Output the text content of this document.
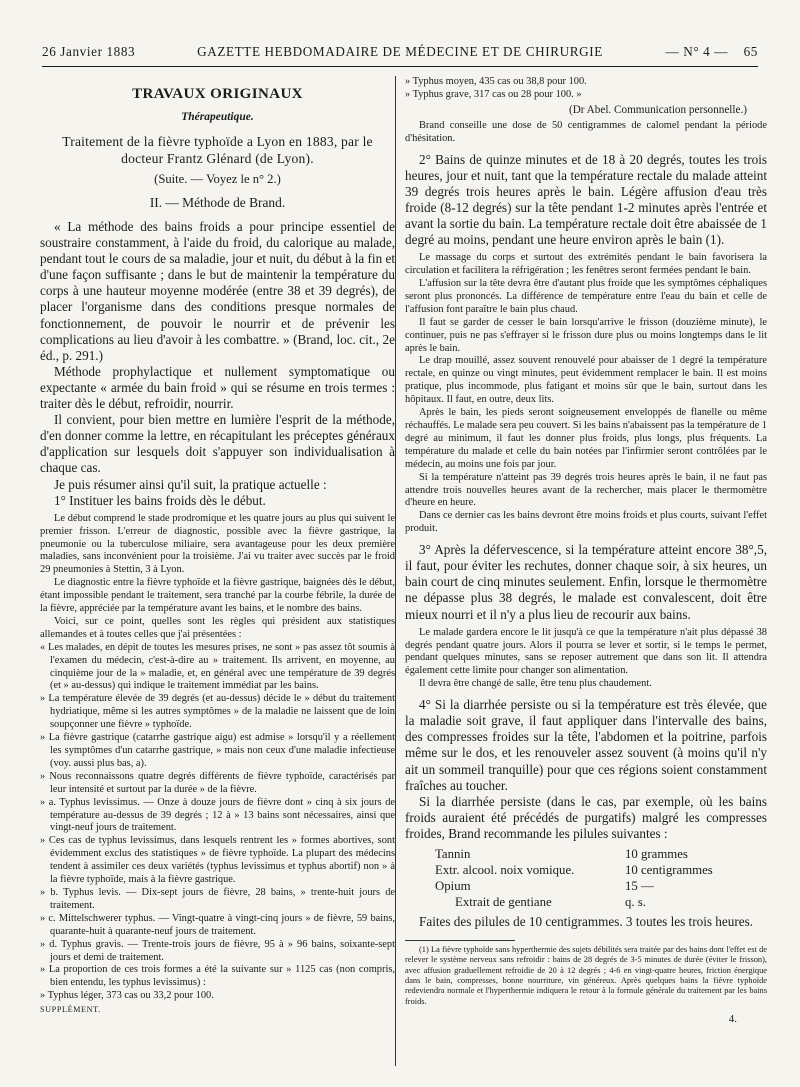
26 Janvier 1883	GAZETTE HEBDOMADAIRE DE MÉDECINE ET DE CHIRURGIE	— N° 4 — 65

TRAVAUX ORIGINAUX

Thérapeutique.

Traitement de la fièvre typhoïde a Lyon en 1883, par le docteur Frantz Glénard (de Lyon).

(Suite. — Voyez le n° 2.)

II. — Méthode de Brand.

« La méthode des bains froids a pour principe essentiel de soustraire constamment, à l'aide du froid, du calorique au malade, pendant tout le cours de sa maladie, jour et nuit, du début à la fin et d'une façon suffisante ; dans le but de maintenir la température du corps à une hauteur moyenne modérée (entre 38 et 39 degrés), de placer l'organisme dans des conditions presque normales de fonctionnement, de pouvoir le nourrir et de prévenir les complications au lieu d'avoir à les combattre. » (Brand, loc. cit., 2e éd., p. 291.)

Méthode prophylactique et nullement symptomatique ou expectante « armée du bain froid » qui se résume en trois termes : traiter dès le début, refroidir, nourrir.

Il convient, pour bien mettre en lumière l'esprit de la méthode, d'en donner comme la lettre, en récapitulant les préceptes généraux d'application sur lesquels doit s'appuyer son individualisation à chaque cas.

Je puis résumer ainsi qu'il suit, la pratique actuelle :

1° Instituer les bains froids dès le début.

Le début comprend le stade prodromique et les quatre jours au plus qui suivent le premier frisson. L'erreur de diagnostic, possible avec la fièvre gastrique, la pneumonie ou la tuberculose miliaire, sera avantageuse pour les deux première maladies, sans inconvénient pour la troisième. J'ai vu traiter avec succès par le froid 29 pneumonies à Stettin, 3 à Lyon.

Le diagnostic entre la fièvre typhoïde et la fièvre gastrique, baignées dès le début, étant impossible pendant le traitement, sera tranché par la courbe fébrile, la durée de la fièvre, appréciée par la température avant les bains, et le nombre des bains.

Voici, sur ce point, quelles sont les règles qui président aux statistiques allemandes et à toutes celles que j'ai présentées :

« Les malades, en dépit de toutes les mesures prises, ne sont » pas assez tôt soumis à l'examen du médecin, c'est-à-dire au » traitement. Ils arrivent, en moyenne, au cinquième jour de la » maladie, et, en général avec une température de 39 degrés (et » au-dessus) qui indique le traitement immédiat par les bains.

» La température élevée de 39 degrés (et au-dessus) décide le » début du traitement hydriatique, même si les autres symptômes » de la maladie ne laissent que de loin soupçonner une fièvre » typhoïde.

» La fièvre gastrique (catarrhe gastrique aigu) est admise » lorsqu'il y a réellement les symptômes d'un catarrhe gastrique, » mais non ceux d'une maladie infectieuse (voy. aussi plus bas, a).

» Nous reconnaissons quatre degrés différents de fièvre typhoïde, caractérisés par leur intensité et surtout par la durée » de la fièvre.

» a. Typhus levissimus. — Onze à douze jours de fièvre dont » cinq à six jours de température au-dessus de 39 degrés ; 12 à » 13 bains sont nécessaires, ainsi que vingt-neuf jours de traitement.

» Ces cas de typhus levissimus, dans lesquels rentrent les » formes abortives, sont évidemment exclus des statistiques » de fièvre typhoïde. La plupart des médecins tendent à assimiler ces deux variétés (typhus levissimus et typhus abortif) non » à la fièvre typhoïde, mais à la fièvre gastrique.

» b. Typhus levis. — Dix-sept jours de fièvre, 28 bains, » trente-huit jours de traitement.

» c. Mittelschwerer typhus. — Vingt-quatre à vingt-cinq jours » de fièvre, 59 bains, quarante-huit à quarante-neuf jours de traitement.

» d. Typhus gravis. — Trente-trois jours de fièvre, 95 à » 96 bains, soixante-sept jours et demi de traitement.

» La proportion de ces trois formes a été la suivante sur » 1125 cas (non compris, bien entendu, les typhus levissimus) :

» Typhus léger, 373 cas ou 33,2 pour 100.

SUPPLÉMENT.

» Typhus moyen, 435 cas ou 38,8 pour 100.

» Typhus grave, 317 cas ou 28 pour 100. »

(Dr Abel. Communication personnelle.)

Brand conseille une dose de 50 centigrammes de calomel pendant la période d'hésitation.

2° Bains de quinze minutes et de 18 à 20 degrés, toutes les trois heures, jour et nuit, tant que la température rectale du malade atteint 39 degrés trois heures après le bain. Légère affusion d'eau très froide (8-12 degrés) sur la tête pendant 1-2 minutes après l'entrée et avant la sortie du bain. La température rectale doit être abaissée de 1 degré au moins, pendant une heure environ après le bain (1).

Le massage du corps et surtout des extrémités pendant le bain favorisera la circulation et facilitera la réfrigération ; les fenêtres seront fermées pendant le bain.

L'affusion sur la tête devra être d'autant plus froide que les symptômes céphaliques seront plus prononcés. La différence de température entre l'eau du bain et celle de l'affusion font paraître le bain plus chaud.

Il faut se garder de cesser le bain lorsqu'arrive le frisson (douzième minute), le continuer, puis ne pas s'effrayer si le frisson dure plus ou moins longtemps dans le lit après le bain.

Le drap mouillé, assez souvent renouvelé pour abaisser de 1 degré la température rectale, en quinze ou vingt minutes, peut évidemment remplacer le bain. Il est moins pratique, plus incommode, plus fatigant et moins sûr que le bain, surtout dans les hôpitaux. Il faut, en outre, deux lits.

Après le bain, les pieds seront soigneusement enveloppés de flanelle ou même réchauffés. Le malade sera peu couvert. Si les bains n'abaissent pas la température de 1 degré au minimum, il faut les donner plus froids, plus longs, plus fréquents. La température du malade et celle du bain notées par l'infirmier seront contrôlées par le médecin, au moins une fois par jour.

Si la température n'atteint pas 39 degrés trois heures après le bain, il ne faut pas attendre trois nouvelles heures avant de la rechercher, mais placer le thermomètre d'heure en heure.

Dans ce dernier cas les bains devront être moins froids et plus courts, suivant l'effet produit.

3° Après la défervescence, si la température atteint encore 38°,5, il faut, pour éviter les rechutes, donner chaque soir, à six heures, un bain court de cinq minutes seulement. Enfin, lorsque le thermomètre ne dépasse plus 38 degrés, le malade est convalescent, doit être mieux nourri et il n'y a plus lieu de recourir aux bains.

Le malade gardera encore le lit jusqu'à ce que la température n'ait plus dépassé 38 degrés pendant quatre jours. Alors il pourra se lever et sortir, si le temps le permet, pendant quelques minutes, sans se reposer autrement que dans son lit. Il attendra également cette limite pour changer son alimentation.

Il devra être changé de salle, être tenu plus chaudement.

4° Si la diarrhée persiste ou si la température est très élevée, que la maladie soit grave, il faut appliquer dans l'intervalle des bains, des compresses froides sur la tête, l'abdomen et la poitrine, parfois même sur le dos, et les renouveler assez souvent (à moins qu'il n'y ait un sommeil tranquille) pour que ces régions soient constamment fraîches au toucher.

Si la diarrhée persiste (dans le cas, par exemple, où les bains froids auraient été précédés de purgatifs) malgré les compresses froides, Brand recommande les pilules suivantes :

Tannin	10 grammes
Extr. alcool. noix vomique.	10 centigrammes
Opium	15 —
Extrait de gentiane	q. s.

Faites des pilules de 10 centigrammes. 3 toutes les trois heures.

(1) La fièvre typhoïde sans hyperthermie des sujets débilités sera traitée par des bains dont l'effet est de relever le système nerveux sans refroidir : bains de 28 degrés de 3-5 minutes de durée (éviter le frisson), avec affusion graduellement refroidie de 20 à 12 degrés ; 4-6 en vingt-quatre heures, friction énergique dans le bain, compresses, bonne nourriture, vin généreux. Après quelques bains la fièvre typhoïde redeviendra normale et l'hyperthermie indiquera le retour à la formule générale du traitement par les bains froids.

4.
